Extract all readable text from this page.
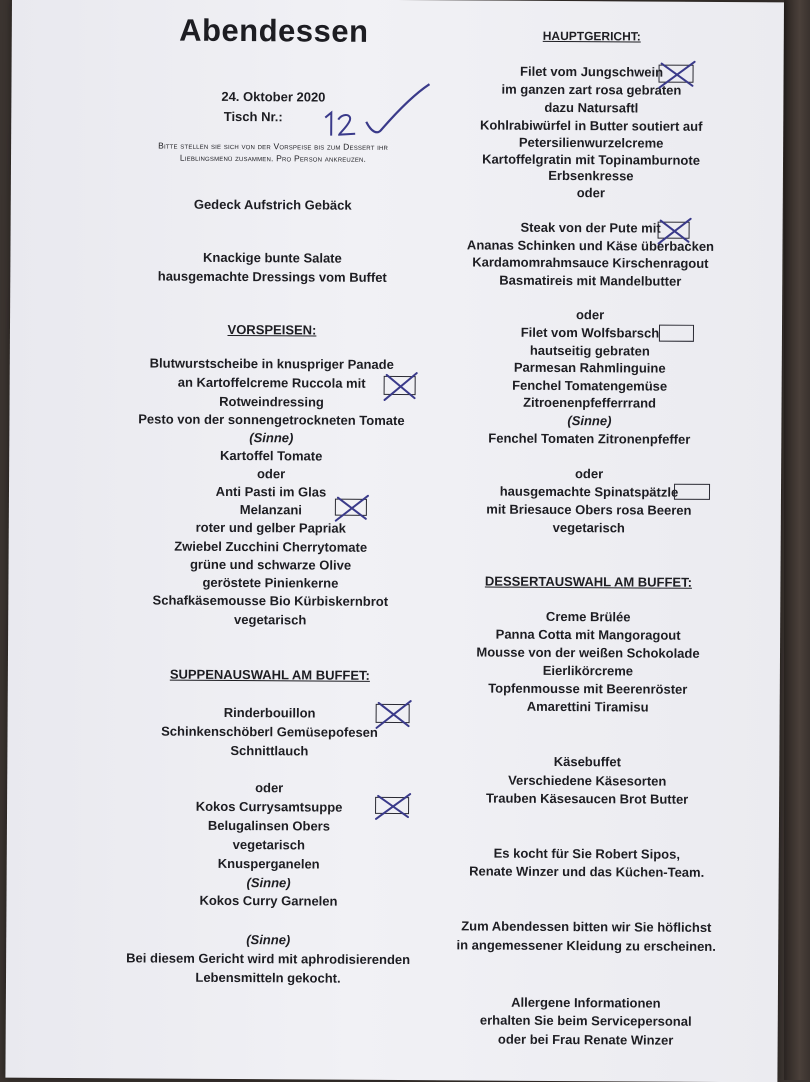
Abendessen
24. Oktober 2020
Tisch Nr.:
Bitte stellen sie sich von der Vorspeise bis zum Dessert ihr
Lieblingsmenü zusammen. Pro Person ankreuzen.
Gedeck Aufstrich Gebäck
Knackige bunte Salate
hausgemachte Dressings vom Buffet
VORSPEISEN:
Blutwurstscheibe in knuspriger Panade
an Kartoffelcreme Ruccola mit
Rotweindressing
Pesto von der sonnengetrockneten Tomate
(Sinne)
Kartoffel Tomate
oder
Anti Pasti im Glas
Melanzani
roter und gelber Papriak
Zwiebel Zucchini Cherrytomate
grüne und schwarze Olive
geröstete Pinienkerne
Schafkäsemousse Bio Kürbiskernbrot
vegetarisch
SUPPENAUSWAHL AM BUFFET:
Rinderbouillon
Schinkenschöberl Gemüsepofesen
Schnittlauch
oder
Kokos Currysamtsuppe
Belugalinsen Obers
vegetarisch
Knusperganelen
(Sinne)
Kokos Curry Garnelen
(Sinne)
Bei diesem Gericht wird mit aphrodisierenden
Lebensmitteln gekocht.
HAUPTGERICHT:
Filet vom Jungschwein
im ganzen zart rosa gebraten
dazu Natursaftl
Kohlrabiwürfel in Butter soutiert auf
Petersilienwurzelcreme
Kartoffelgratin mit Topinamburnote
Erbsenkresse
oder
Steak von der Pute mit
Ananas Schinken und Käse überbacken
Kardamomrahmsauce Kirschenragout
Basmatireis mit Mandelbutter
oder
Filet vom Wolfsbarsch
hautseitig gebraten
Parmesan Rahmlinguine
Fenchel Tomatengemüse
Zitroenenpfefferrrand
(Sinne)
Fenchel Tomaten Zitronenpfeffer
oder
hausgemachte Spinatspätzle
mit Briesauce Obers rosa Beeren
vegetarisch
DESSERTAUSWAHL AM BUFFET:
Creme Brülée
Panna Cotta mit Mangoragout
Mousse von der weißen Schokolade
Eierlikörcreme
Topfenmousse mit Beerenröster
Amarettini Tiramisu
Käsebuffet
Verschiedene Käsesorten
Trauben Käsesaucen Brot Butter
Es kocht für Sie Robert Sipos,
Renate Winzer und das Küchen-Team.
Zum Abendessen bitten wir Sie höflichst
in angemessener Kleidung zu erscheinen.
Allergene Informationen
erhalten Sie beim Servicepersonal
oder bei Frau Renate Winzer
